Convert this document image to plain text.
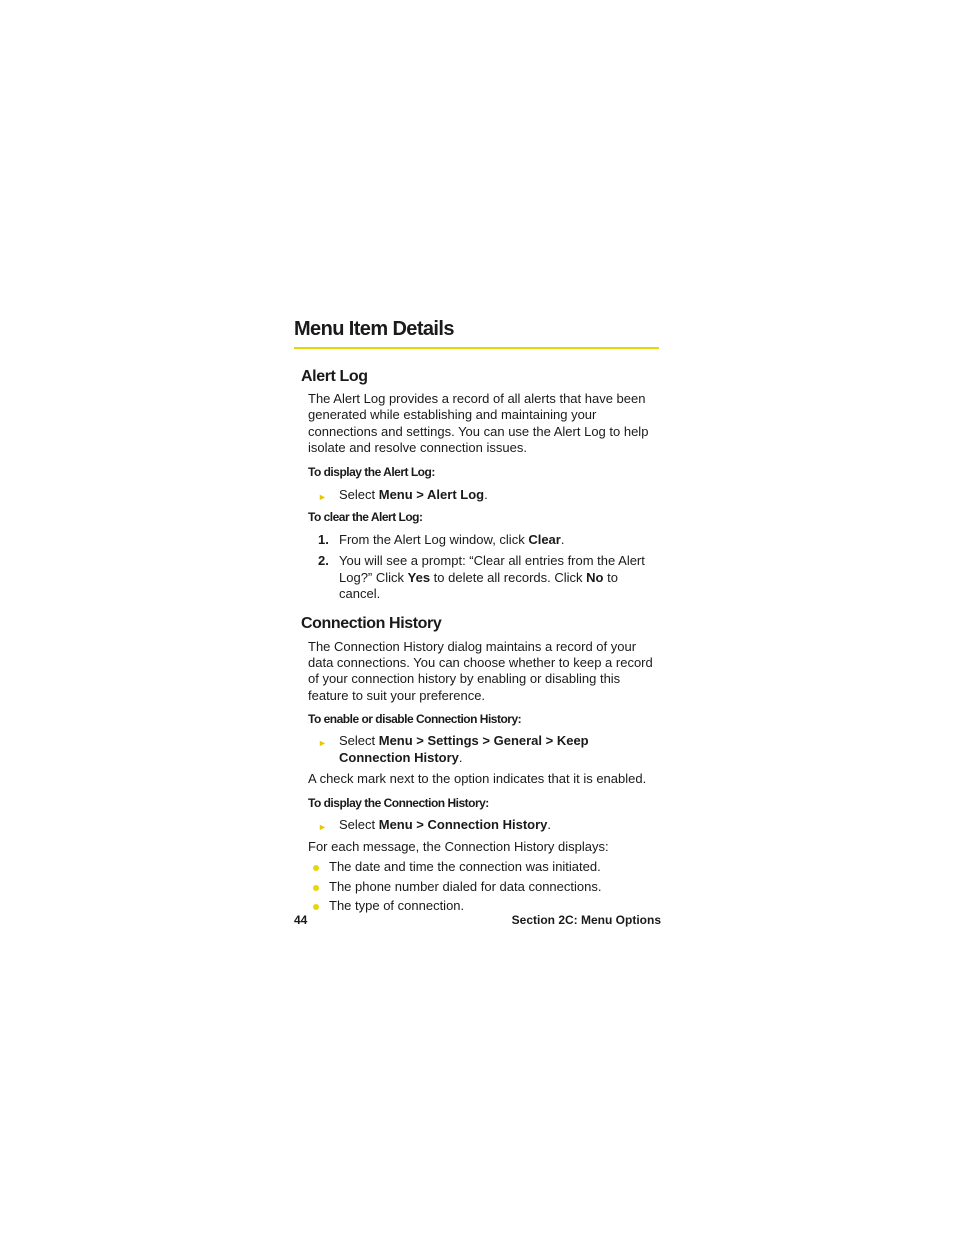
Menu Item Details
Alert Log

The Alert Log provides a record of all alerts that have been generated while establishing and maintaining your connections and settings. You can use the Alert Log to help isolate and resolve connection issues.

To display the Alert Log:

► Select Menu > Alert Log.

To clear the Alert Log:

1. From the Alert Log window, click Clear.
2. You will see a prompt: “Clear all entries from the Alert Log?” Click Yes to delete all records. Click No to cancel.
Connection History

The Connection History dialog maintains a record of your data connections. You can choose whether to keep a record of your connection history by enabling or disabling this feature to suit your preference.

To enable or disable Connection History:

► Select Menu > Settings > General > Keep Connection History.

A check mark next to the option indicates that it is enabled.

To display the Connection History:

► Select Menu > Connection History.

For each message, the Connection History displays:

The date and time the connection was initiated.
The phone number dialed for data connections.
The type of connection.
44	Section 2C: Menu Options
